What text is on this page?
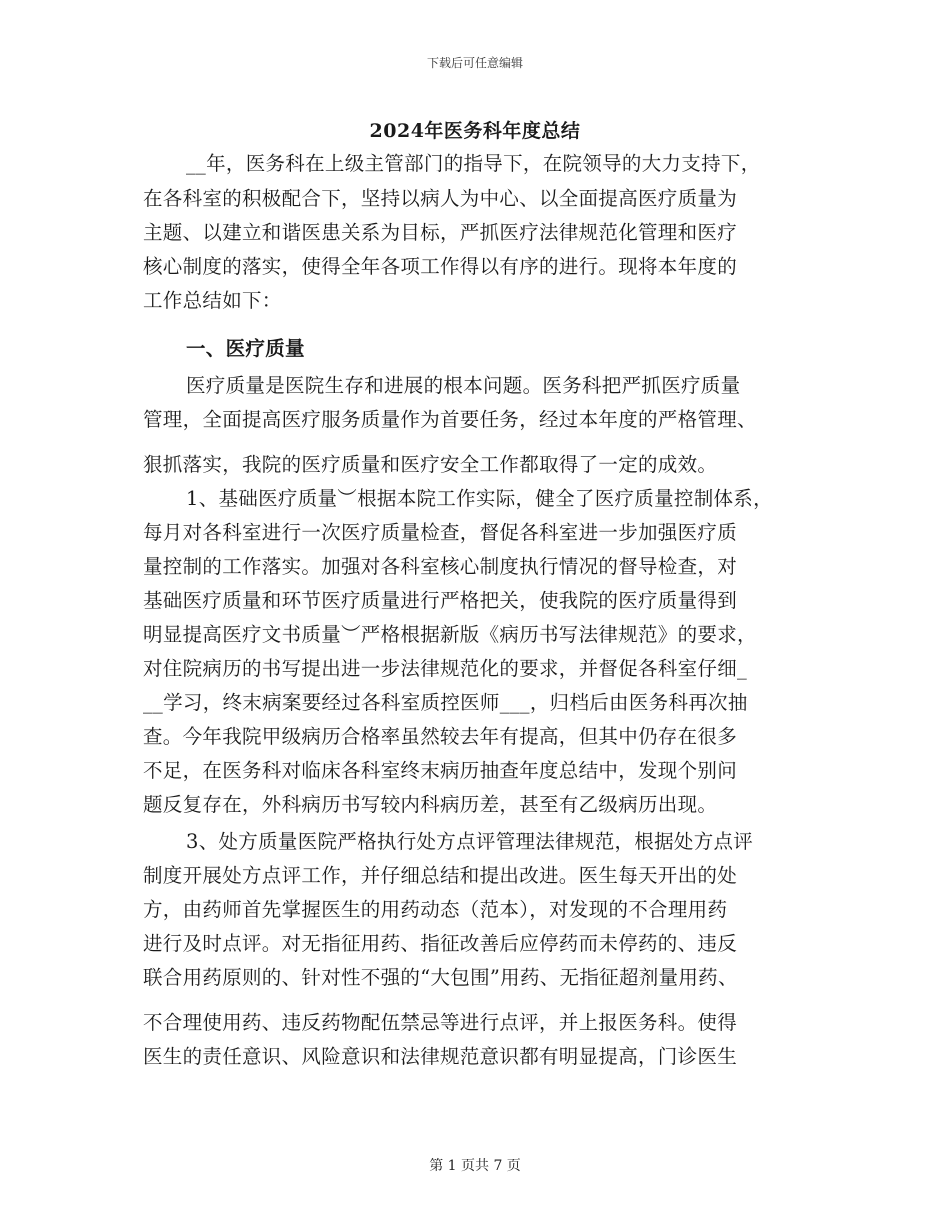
下载后可任意编辑
2024年医务科年度总结
__年，医务科在上级主管部门的指导下，在院领导的大力支持下，
在各科室的积极配合下，坚持以病人为中心、以全面提高医疗质量为
主题、以建立和谐医患关系为目标，严抓医疗法律规范化管理和医疗
核心制度的落实，使得全年各项工作得以有序的进行。现将本年度的
工作总结如下：
一、医疗质量
医疗质量是医院生存和进展的根本问题。医务科把严抓医疗质量
管理，全面提高医疗服务质量作为首要任务，经过本年度的严格管理、
狠抓落实，我院的医疗质量和医疗安全工作都取得了一定的成效。
1、基础医疗质量︶根据本院工作实际，健全了医疗质量控制体系，
每月对各科室进行一次医疗质量检查，督促各科室进一步加强医疗质
量控制的工作落实。加强对各科室核心制度执行情况的督导检查，对
基础医疗质量和环节医疗质量进行严格把关，使我院的医疗质量得到
明显提高医疗文书质量︶严格根据新版《病历书写法律规范》的要求，
对住院病历的书写提出进一步法律规范化的要求，并督促各科室仔细_
__学习，终末病案要经过各科室质控医师___，归档后由医务科再次抽
查。今年我院甲级病历合格率虽然较去年有提高，但其中仍存在很多
不足，在医务科对临床各科室终末病历抽查年度总结中，发现个别问
题反复存在，外科病历书写较内科病历差，甚至有乙级病历出现。
3、处方质量医院严格执行处方点评管理法律规范，根据处方点评
制度开展处方点评工作，并仔细总结和提出改进。医生每天开出的处
方，由药师首先掌握医生的用药动态（范本），对发现的不合理用药
进行及时点评。对无指征用药、指征改善后应停药而未停药的、违反
联合用药原则的、针对性不强的“大包围”用药、无指征超剂量用药、
不合理使用药、违反药物配伍禁忌等进行点评，并上报医务科。使得
医生的责任意识、风险意识和法律规范意识都有明显提高，门诊医生
第 1 页共 7 页
